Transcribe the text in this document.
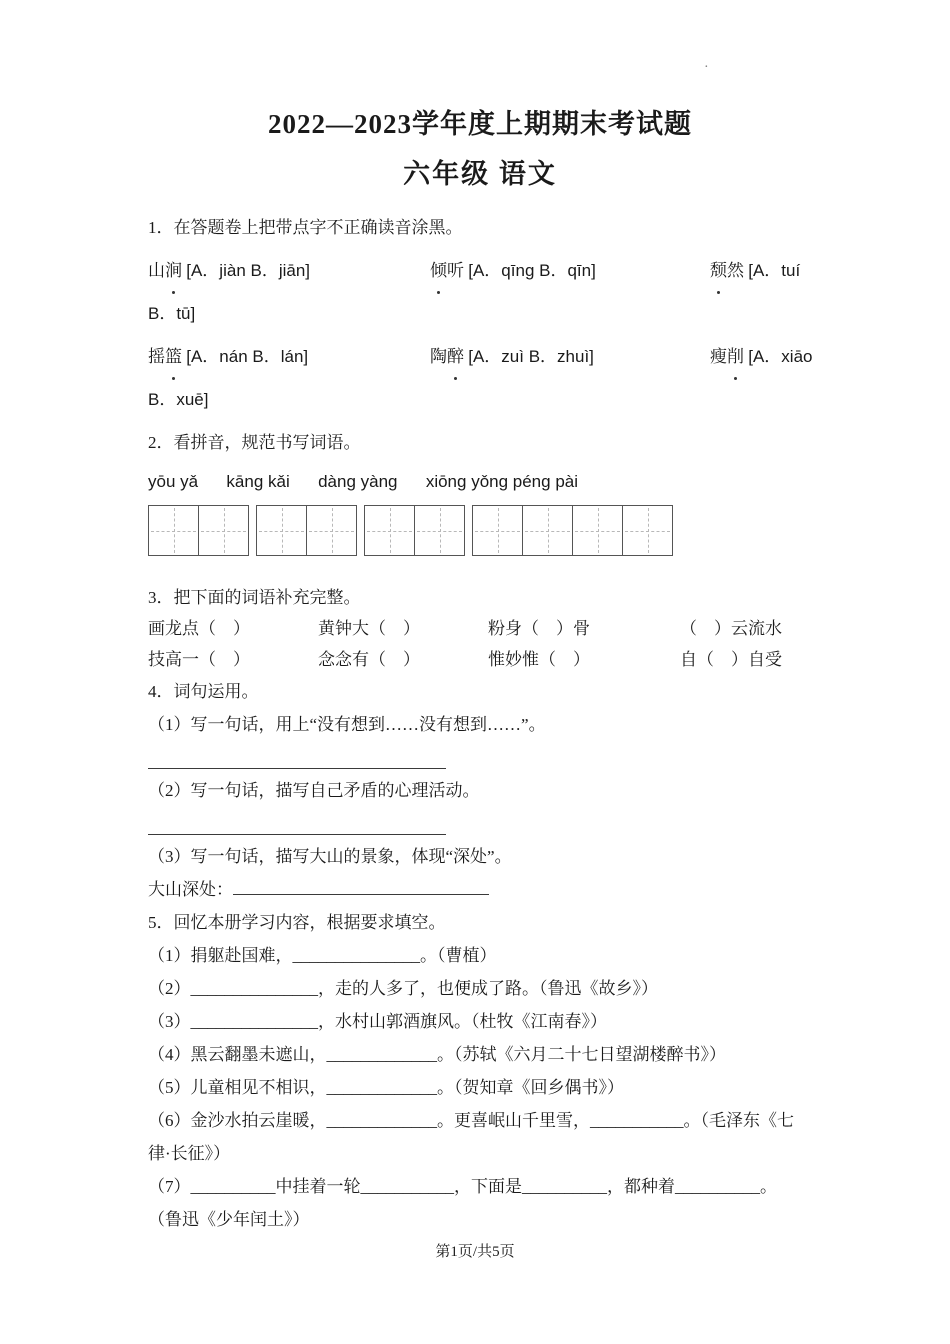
·
2022—2023学年度上期期末考试题
六年级 语文
1．在答题卷上把带点字不正确读音涂黑。
山涧 [A．jiàn B．jiān]	倾听 [A．qīng B．qīn]	颓然 [A．tuí
B．tū]
摇篮 [A．nán B．lán]	陶醉 [A．zuì B．zhuì]	瘦削 [A．xiāo
B．xuē]
2．看拼音，规范书写词语。
yōu yǎ      kāng kǎi      dàng yàng      xiōng yǒng péng pài
3．把下面的词语补充完整。
画龙点（　）	黄钟大（　）	粉身（　）骨	（　）云流水
技高一（　）	念念有（　）	惟妙惟（　）	自（　）自受
4．词句运用。
（1）写一句话，用上“没有想到……没有想到……”。
（2）写一句话，描写自己矛盾的心理活动。
（3）写一句话，描写大山的景象，体现“深处”。
大山深处：
5．回忆本册学习内容，根据要求填空。
（1）捐躯赴国难，_______________。（曹植）
（2）_______________，走的人多了，也便成了路。（鲁迅《故乡》）
（3）_______________，水村山郭酒旗风。（杜牧《江南春》）
（4）黑云翻墨未遮山，_____________。（苏轼《六月二十七日望湖楼醉书》）
（5）儿童相见不相识，_____________。（贺知章《回乡偶书》）
（6）金沙水拍云崖暖，_____________。更喜岷山千里雪，___________。（毛泽东《七
律·长征》）
（7）__________中挂着一轮___________，下面是__________，都种着__________。
（鲁迅《少年闰土》）
第1页/共5页
